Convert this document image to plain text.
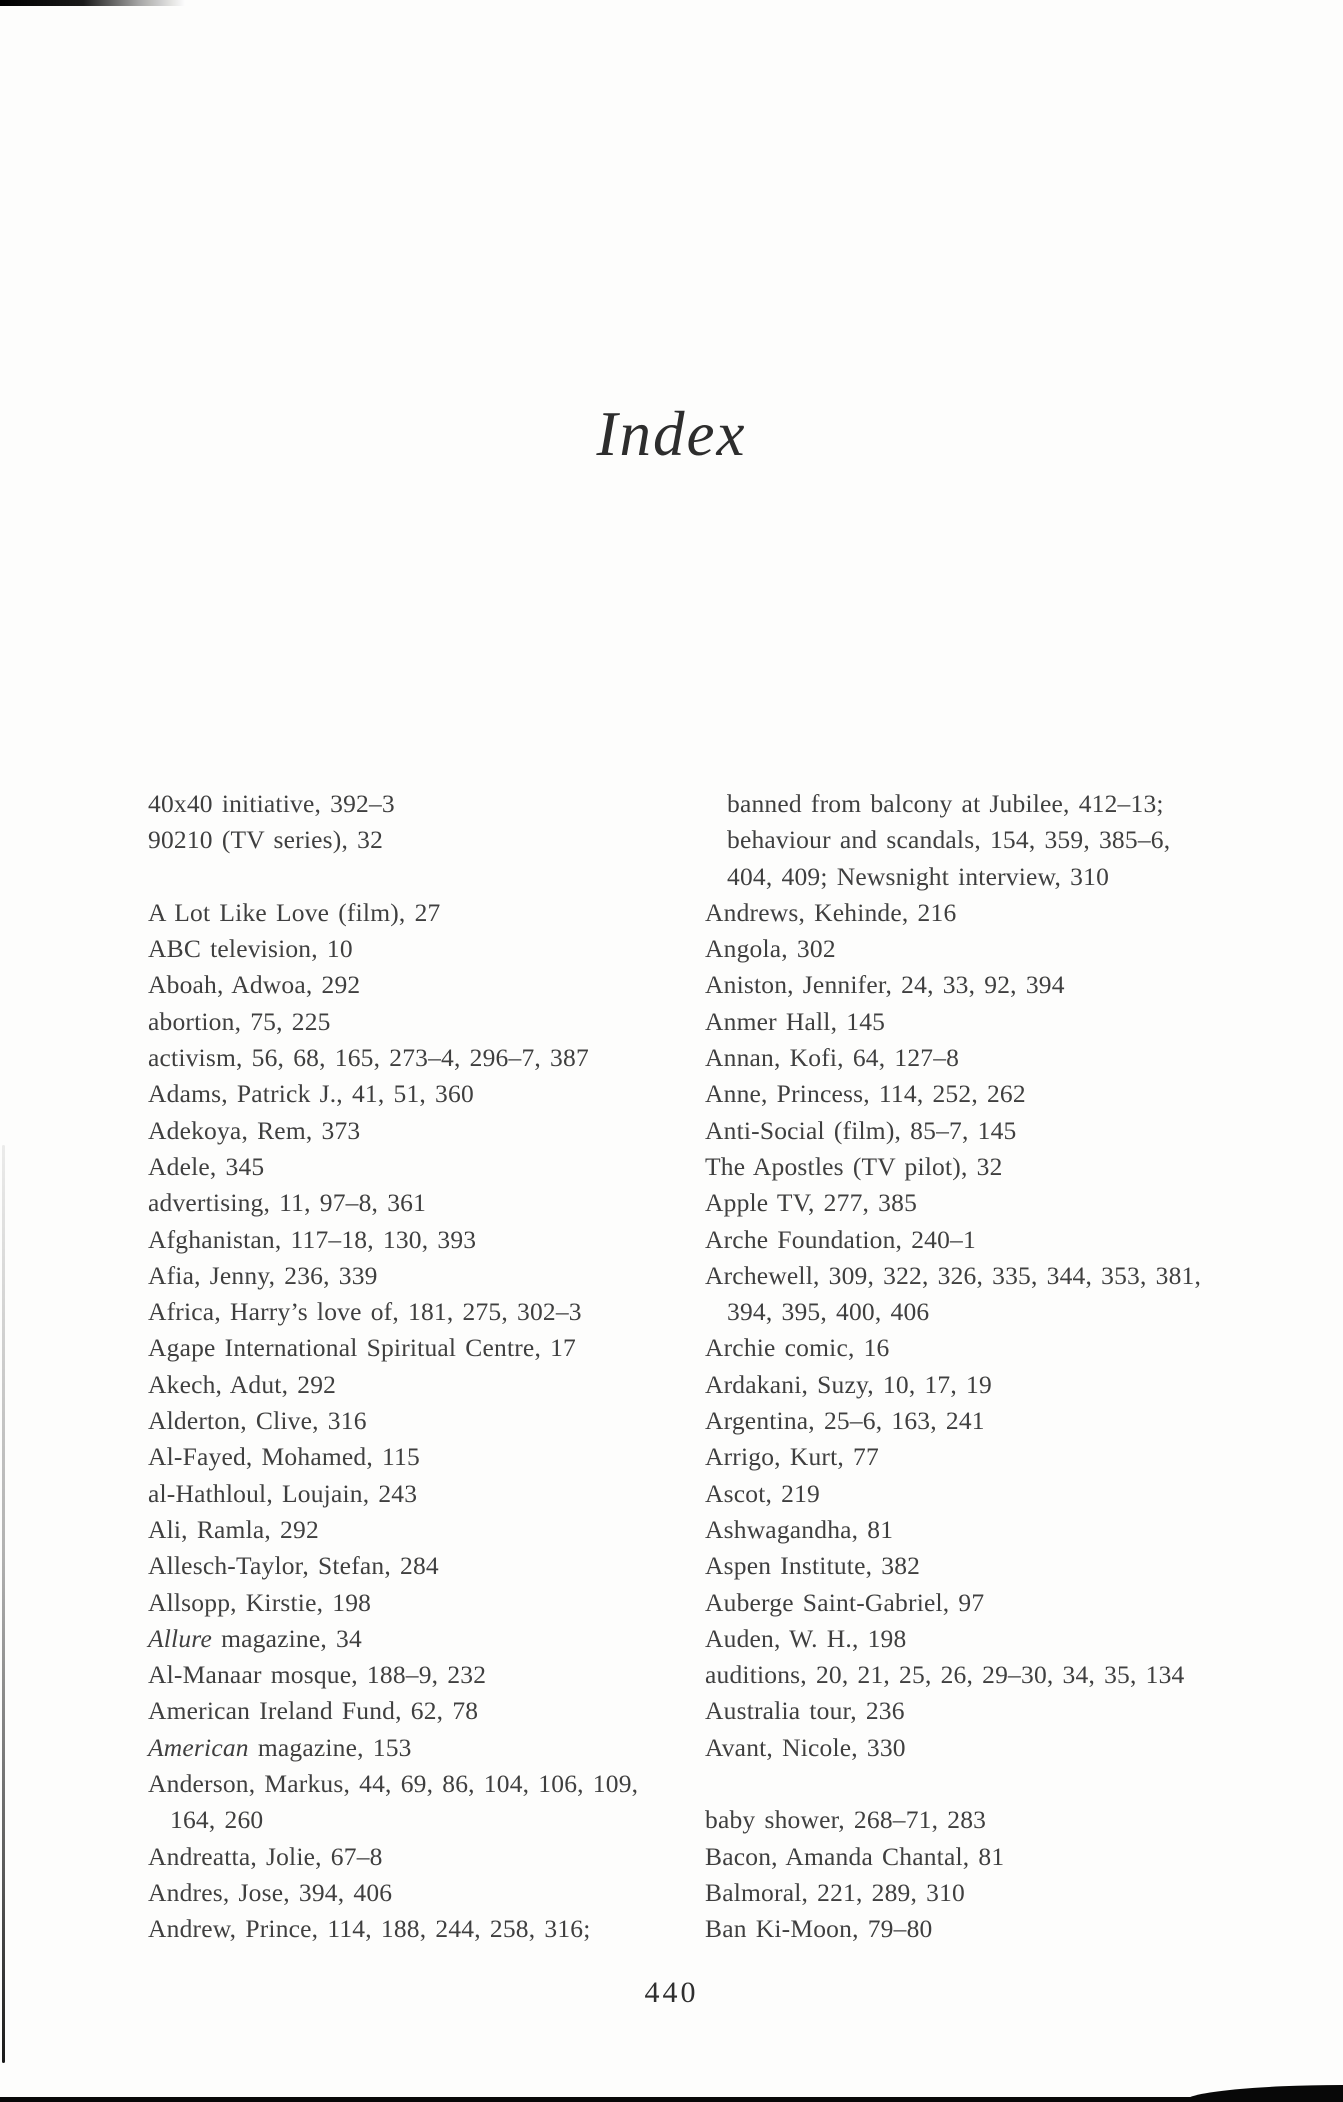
Index
40x40 initiative, 392–3
90210 (TV series), 32
A Lot Like Love (film), 27
ABC television, 10
Aboah, Adwoa, 292
abortion, 75, 225
activism, 56, 68, 165, 273–4, 296–7, 387
Adams, Patrick J., 41, 51, 360
Adekoya, Rem, 373
Adele, 345
advertising, 11, 97–8, 361
Afghanistan, 117–18, 130, 393
Afia, Jenny, 236, 339
Africa, Harry’s love of, 181, 275, 302–3
Agape International Spiritual Centre, 17
Akech, Adut, 292
Alderton, Clive, 316
Al-Fayed, Mohamed, 115
al-Hathloul, Loujain, 243
Ali, Ramla, 292
Allesch-Taylor, Stefan, 284
Allsopp, Kirstie, 198
Allure magazine, 34
Al-Manaar mosque, 188–9, 232
American Ireland Fund, 62, 78
American magazine, 153
Anderson, Markus, 44, 69, 86, 104, 106, 109,
164, 260
Andreatta, Jolie, 67–8
Andres, Jose, 394, 406
Andrew, Prince, 114, 188, 244, 258, 316;
banned from balcony at Jubilee, 412–13;
behaviour and scandals, 154, 359, 385–6,
404, 409; Newsnight interview, 310
Andrews, Kehinde, 216
Angola, 302
Aniston, Jennifer, 24, 33, 92, 394
Anmer Hall, 145
Annan, Kofi, 64, 127–8
Anne, Princess, 114, 252, 262
Anti-Social (film), 85–7, 145
The Apostles (TV pilot), 32
Apple TV, 277, 385
Arche Foundation, 240–1
Archewell, 309, 322, 326, 335, 344, 353, 381,
394, 395, 400, 406
Archie comic, 16
Ardakani, Suzy, 10, 17, 19
Argentina, 25–6, 163, 241
Arrigo, Kurt, 77
Ascot, 219
Ashwagandha, 81
Aspen Institute, 382
Auberge Saint-Gabriel, 97
Auden, W. H., 198
auditions, 20, 21, 25, 26, 29–30, 34, 35, 134
Australia tour, 236
Avant, Nicole, 330
baby shower, 268–71, 283
Bacon, Amanda Chantal, 81
Balmoral, 221, 289, 310
Ban Ki-Moon, 79–80
440
